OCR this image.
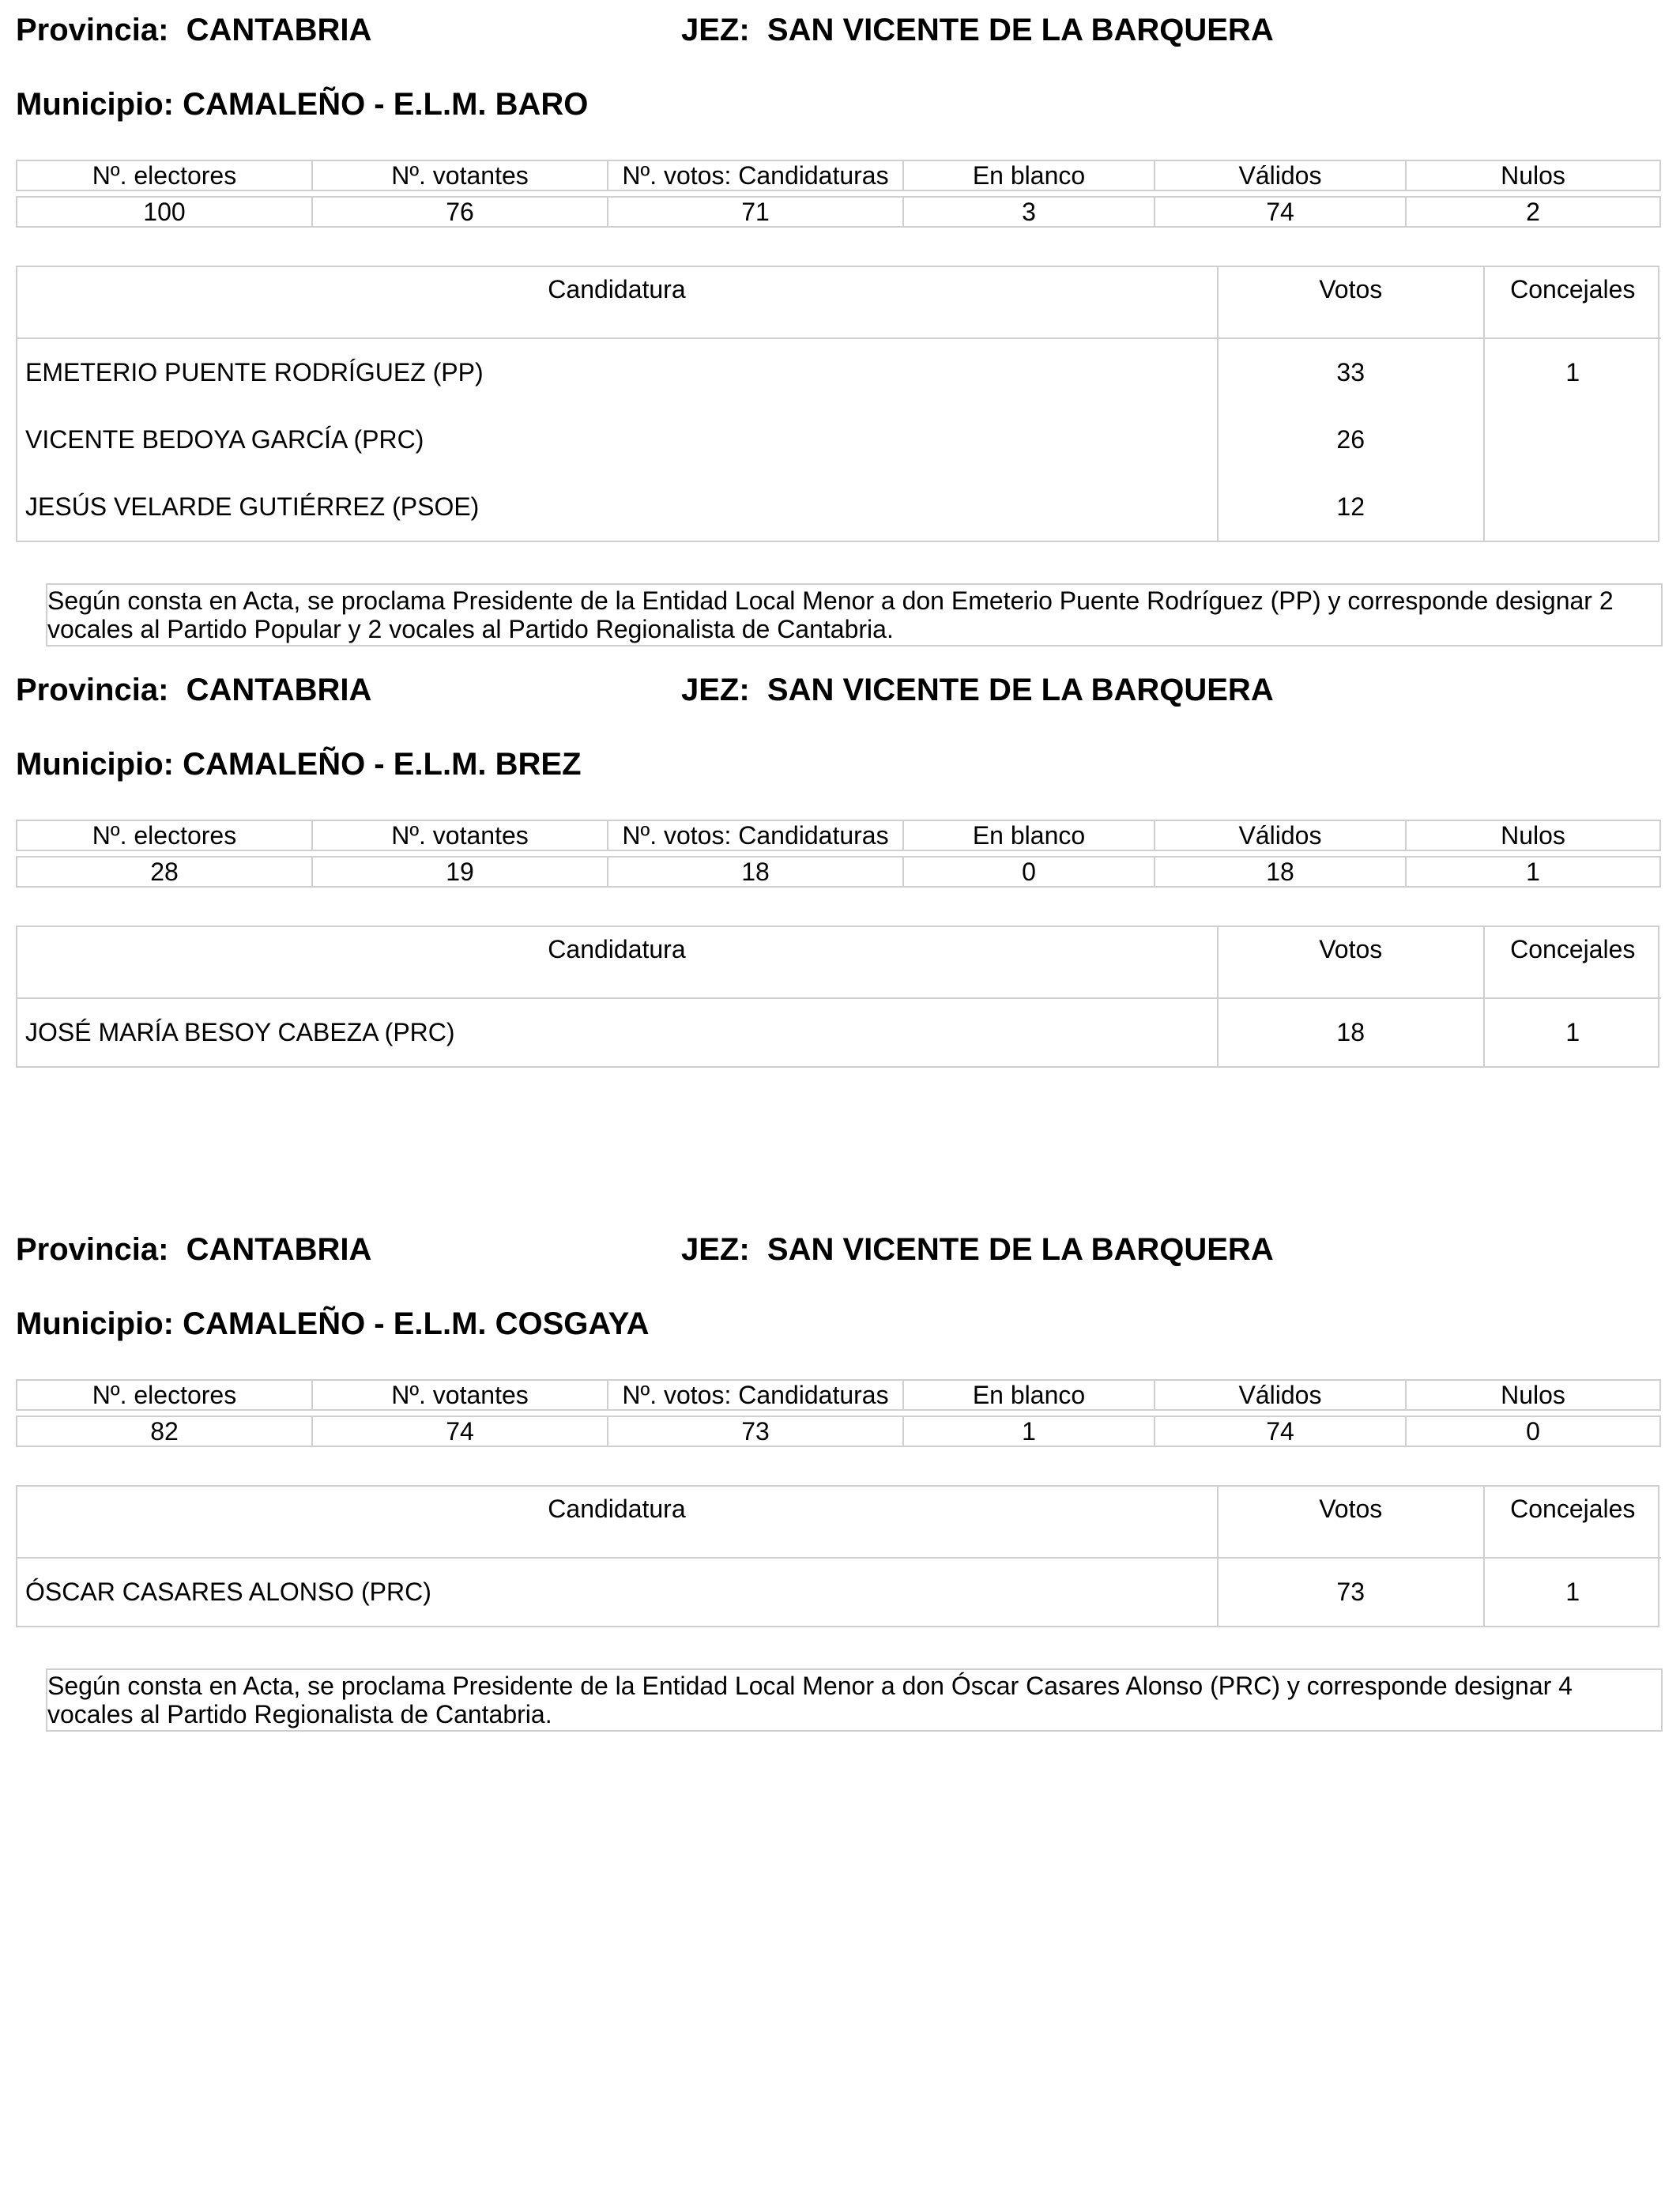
Provincia: CANTABRIA	JEZ: SAN VICENTE DE LA BARQUERA
Municipio: CAMALEÑO - E.L.M. BARO
Nº. electores	Nº. votantes	Nº. votos: Candidaturas	En blanco	Válidos	Nulos

100	76	71	3	74	2
Candidatura	Votos	Concejales
EMETERIO PUENTE RODRÍGUEZ (PP)	33	1
VICENTE BEDOYA GARCÍA (PRC)	26	
JESÚS VELARDE GUTIÉRREZ (PSOE)	12	
Según consta en Acta, se proclama Presidente de la Entidad Local Menor a don Emeterio Puente Rodríguez (PP) y corresponde designar 2 vocales al Partido Popular y 2 vocales al Partido Regionalista de Cantabria.
Provincia: CANTABRIA	JEZ: SAN VICENTE DE LA BARQUERA
Municipio: CAMALEÑO - E.L.M. BREZ
Nº. electores	Nº. votantes	Nº. votos: Candidaturas	En blanco	Válidos	Nulos

28	19	18	0	18	1
Candidatura	Votos	Concejales
JOSÉ MARÍA BESOY CABEZA (PRC)	18	1
Provincia: CANTABRIA	JEZ: SAN VICENTE DE LA BARQUERA
Municipio: CAMALEÑO - E.L.M. COSGAYA
Nº. electores	Nº. votantes	Nº. votos: Candidaturas	En blanco	Válidos	Nulos

82	74	73	1	74	0
Candidatura	Votos	Concejales
ÓSCAR CASARES ALONSO (PRC)	73	1
Según consta en Acta, se proclama Presidente de la Entidad Local Menor a don Óscar Casares Alonso (PRC) y corresponde designar 4 vocales al Partido Regionalista de Cantabria.
